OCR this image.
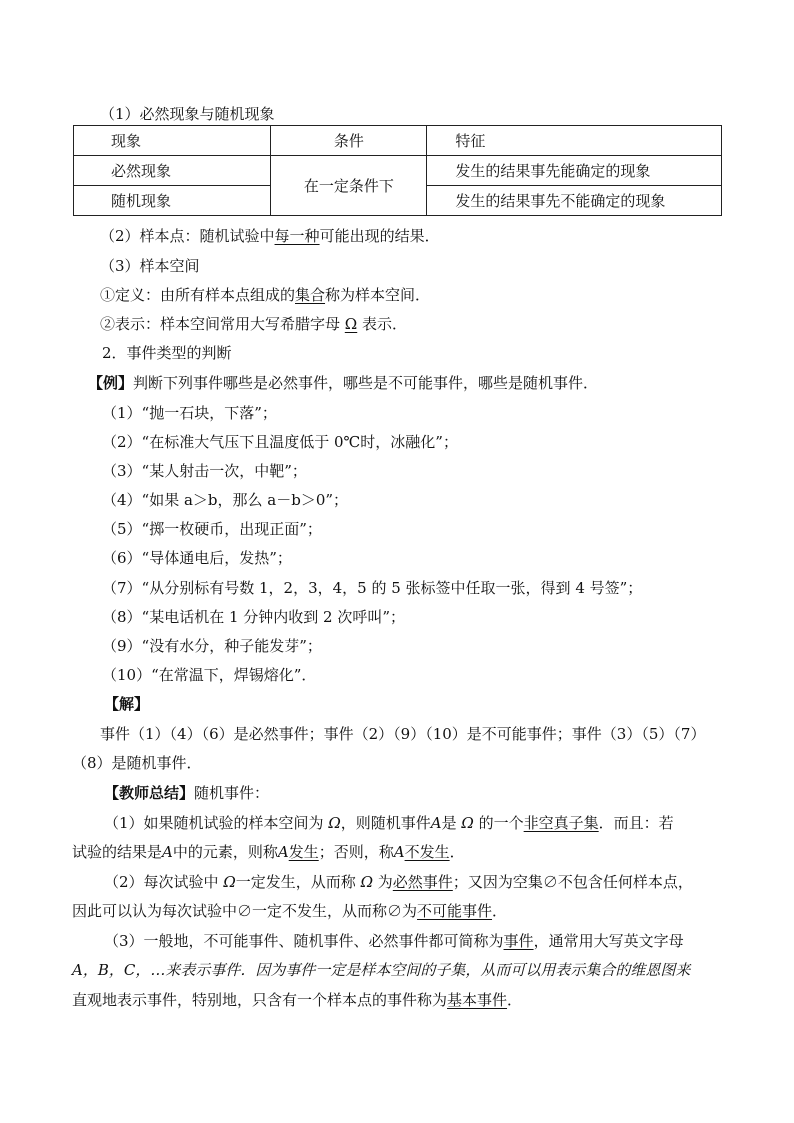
（1）必然现象与随机现象
现象	条件	特征
必然现象	在一定条件下	发生的结果事先能确定的现象
随机现象		发生的结果事先不能确定的现象
（2）样本点：随机试验中每一种可能出现的结果．
（3）样本空间
①定义：由所有样本点组成的集合称为样本空间．
②表示：样本空间常用大写希腊字母 Ω 表示．
2．事件类型的判断
【例】判断下列事件哪些是必然事件，哪些是不可能事件，哪些是随机事件．
（1）“抛一石块，下落”；
（2）“在标准大气压下且温度低于 0℃时，冰融化”；
（3）“某人射击一次，中靶”；
（4）“如果 a＞b，那么 a－b＞0”；
（5）“掷一枚硬币，出现正面”；
（6）“导体通电后，发热”；
（7）“从分别标有号数 1，2，3，4，5 的 5 张标签中任取一张，得到 4 号签”；
（8）“某电话机在 1 分钟内收到 2 次呼叫”；
（9）“没有水分，种子能发芽”；
（10）“在常温下，焊锡熔化”．
【解】
事件（1）（4）（6）是必然事件；事件（2）（9）（10）是不可能事件；事件（3）（5）（7）
（8）是随机事件．
【教师总结】随机事件：
（1）如果随机试验的样本空间为 Ω，则随机事件A是 Ω 的一个非空真子集．而且：若
试验的结果是A中的元素，则称A发生；否则，称A不发生．
（2）每次试验中 Ω一定发生，从而称 Ω 为必然事件；又因为空集∅不包含任何样本点，
因此可以认为每次试验中∅一定不发生，从而称∅为不可能事件．
（3）一般地，不可能事件、随机事件、必然事件都可简称为事件，通常用大写英文字母
A，B，C，…来表示事件．因为事件一定是样本空间的子集，从而可以用表示集合的维恩图来
直观地表示事件，特别地，只含有一个样本点的事件称为基本事件．
